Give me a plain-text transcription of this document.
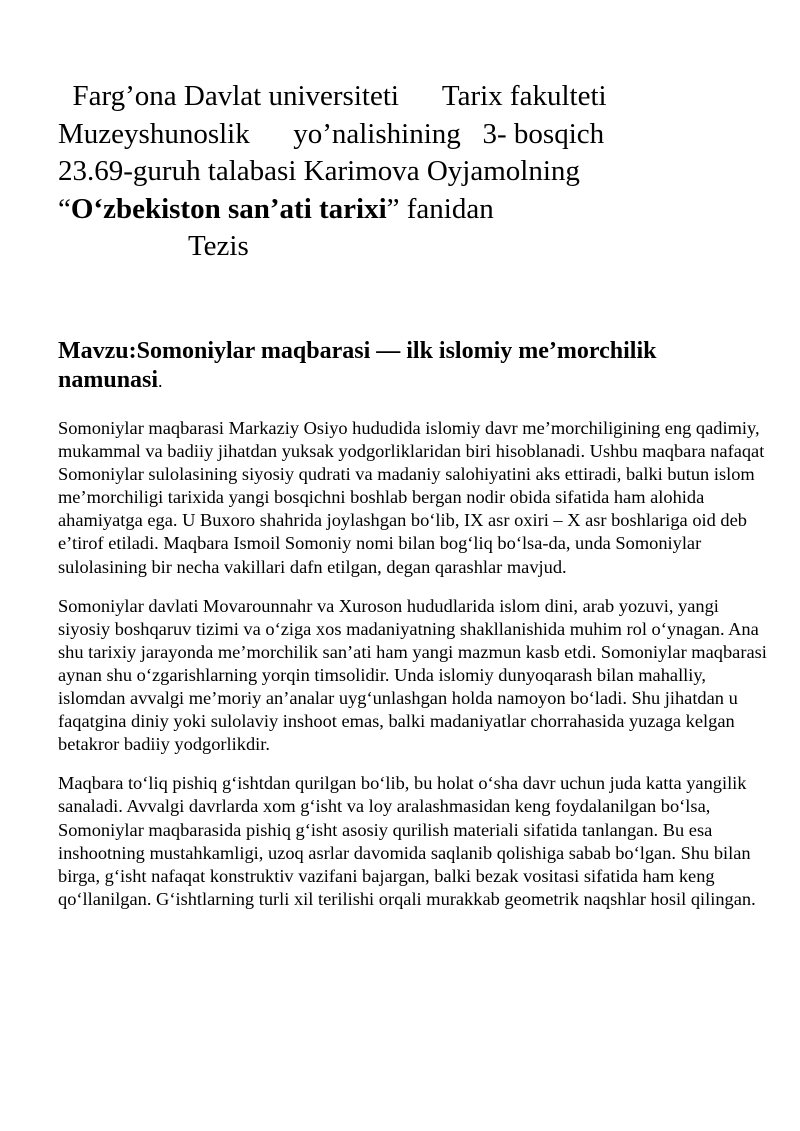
Farg’ona Davlat universiteti      Tarix fakulteti
Muzeyshunoslik      yo’nalishining   3- bosqich
23.69-guruh talabasi Karimova Oyjamolning
“O‘zbekiston san’ati tarixi” fanidan
Tezis
Mavzu:Somoniylar maqbarasi — ilk islomiy me’morchilik namunasi.

Somoniylar maqbarasi Markaziy Osiyo hududida islomiy davr me’morchiligining eng qadimiy, mukammal va badiiy jihatdan yuksak yodgorliklaridan biri hisoblanadi. Ushbu maqbara nafaqat Somoniylar sulolasining siyosiy qudrati va madaniy salohiyatini aks ettiradi, balki butun islom me’morchiligi tarixida yangi bosqichni boshlab bergan nodir obida sifatida ham alohida ahamiyatga ega. U Buxoro shahrida joylashgan bo‘lib, IX asr oxiri – X asr boshlariga oid deb e’tirof etiladi. Maqbara Ismoil Somoniy nomi bilan bog‘liq bo‘lsa-da, unda Somoniylar sulolasining bir necha vakillari dafn etilgan, degan qarashlar mavjud.

Somoniylar davlati Movarounnahr va Xuroson hududlarida islom dini, arab yozuvi, yangi siyosiy boshqaruv tizimi va o‘ziga xos madaniyatning shakllanishida muhim rol o‘ynagan. Ana shu tarixiy jarayonda me’morchilik san’ati ham yangi mazmun kasb etdi. Somoniylar maqbarasi aynan shu o‘zgarishlarning yorqin timsolidir. Unda islomiy dunyoqarash bilan mahalliy, islomdan avvalgi me’moriy an’analar uyg‘unlashgan holda namoyon bo‘ladi. Shu jihatdan u faqatgina diniy yoki sulolaviy inshoot emas, balki madaniyatlar chorrahasida yuzaga kelgan betakror badiiy yodgorlikdir.

Maqbara to‘liq pishiq g‘ishtdan qurilgan bo‘lib, bu holat o‘sha davr uchun juda katta yangilik sanaladi. Avvalgi davrlarda xom g‘isht va loy aralashmasidan keng foydalanilgan bo‘lsa, Somoniylar maqbarasida pishiq g‘isht asosiy qurilish materiali sifatida tanlangan. Bu esa inshootning mustahkamligi, uzoq asrlar davomida saqlanib qolishiga sabab bo‘lgan. Shu bilan birga, g‘isht nafaqat konstruktiv vazifani bajargan, balki bezak vositasi sifatida ham keng qo‘llanilgan. G‘ishtlarning turli xil terilishi orqali murakkab geometrik naqshlar hosil qilingan.
